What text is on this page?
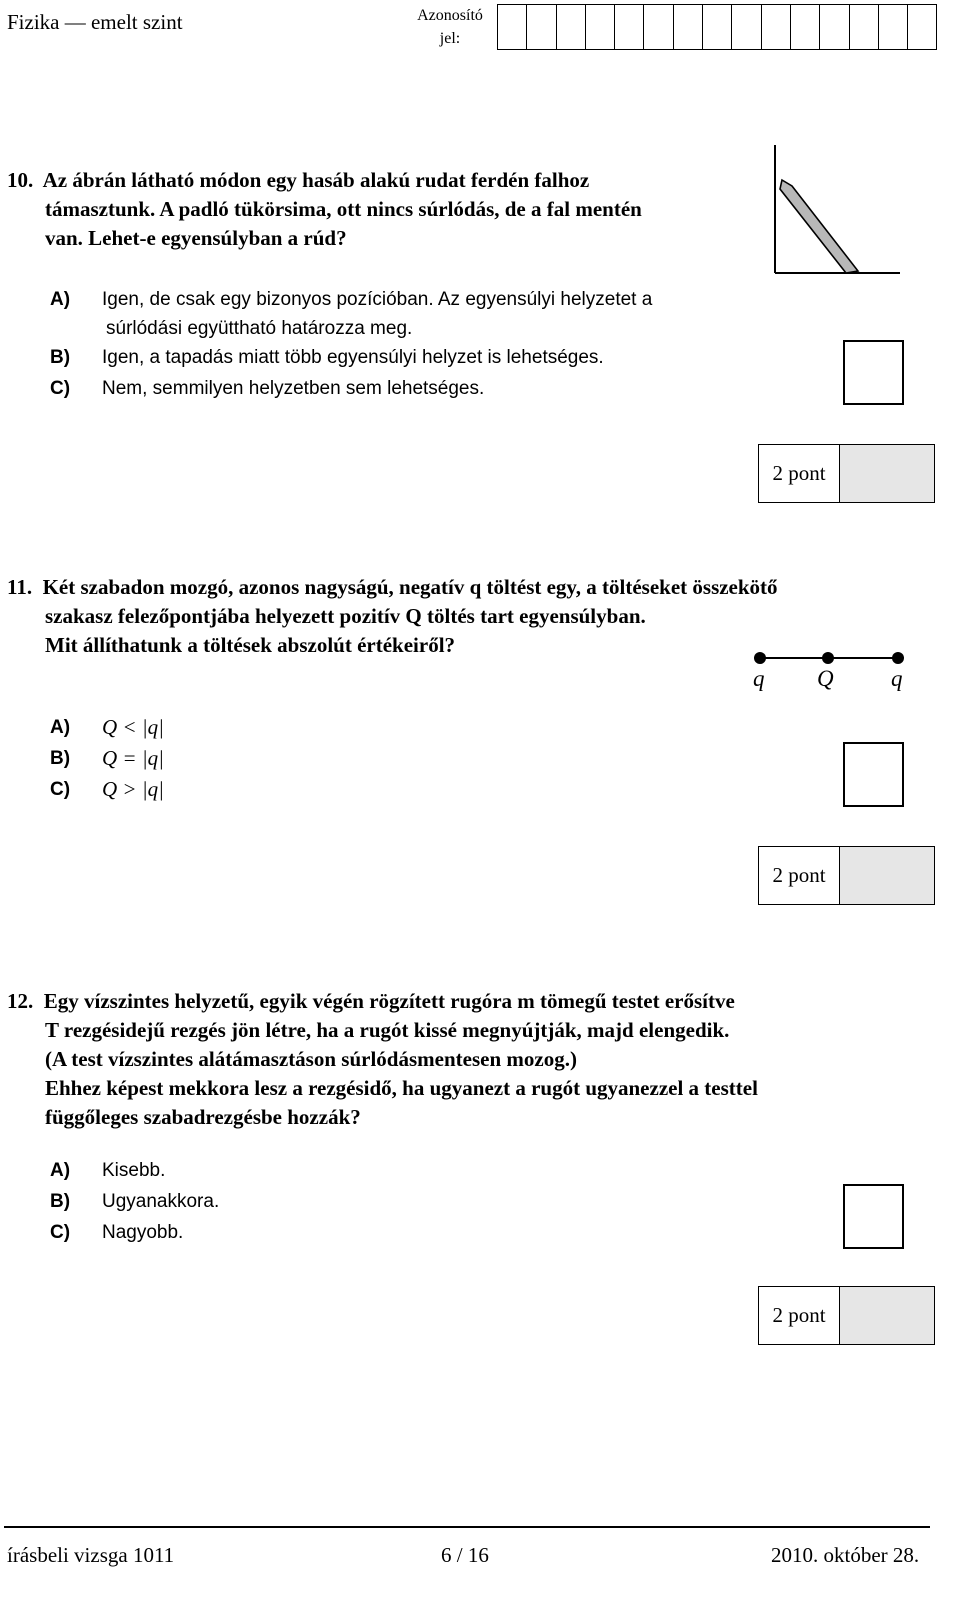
Fizika — emelt szint	Azonosító
jel:
10. Az ábrán látható módon egy hasáb alakú rudat ferdén falhoz
támasztunk. A padló tükörsima, ott nincs súrlódás, de a fal mentén
van. Lehet-e egyensúlyban a rúd?
A) Igen, de csak egy bizonyos pozícióban. Az egyensúlyi helyzetet a
súrlódási együttható határozza meg.
B) Igen, a tapadás miatt több egyensúlyi helyzet is lehetséges.
C) Nem, semmilyen helyzetben sem lehetséges.
2 pont
11. Két szabadon mozgó, azonos nagyságú, negatív q töltést egy, a töltéseket összekötő
szakasz felezőpontjába helyezett pozitív Q töltés tart egyensúlyban.
Mit állíthatunk a töltések abszolút értékeiről?
q Q q
A) Q < |q|
B) Q = |q|
C) Q > |q|
2 pont
12. Egy vízszintes helyzetű, egyik végén rögzített rugóra m tömegű testet erősítve
T rezgésidejű rezgés jön létre, ha a rugót kissé megnyújtják, majd elengedik.
(A test vízszintes alátámasztáson súrlódásmentesen mozog.)
Ehhez képest mekkora lesz a rezgésidő, ha ugyanezt a rugót ugyanezzel a testtel
függőleges szabadrezgésbe hozzák?
A) Kisebb.
B) Ugyanakkora.
C) Nagyobb.
2 pont
írásbeli vizsga 1011	6 / 16	2010. október 28.
